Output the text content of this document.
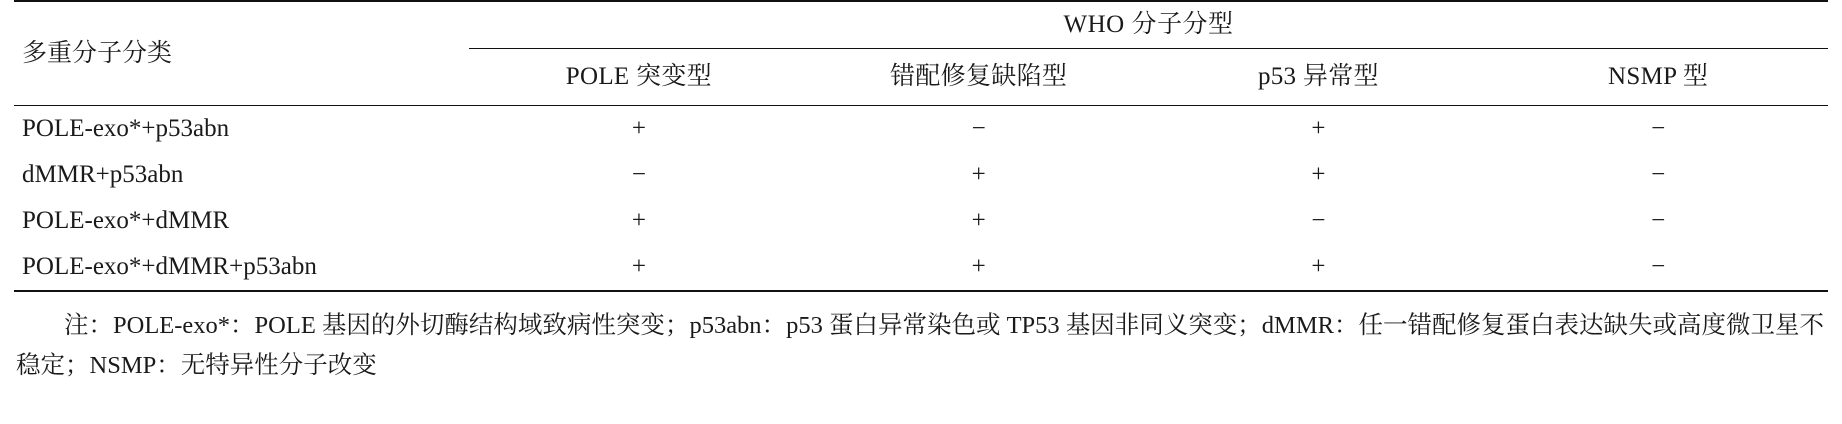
多重分子分类	WHO 分子分型			
	POLE 突变型	错配修复缺陷型	p53 异常型	NSMP 型

POLE-exo*+p53abn	+	−	+	−
dMMR+p53abn	−	+	+	−
POLE-exo*+dMMR	+	+	−	−
POLE-exo*+dMMR+p53abn	+	+	+	−
注：POLE-exo*：POLE 基因的外切酶结构域致病性突变；p53abn：p53 蛋白异常染色或 TP53 基因非同义突变；dMMR：任一错配修复蛋白表达缺失或高度微卫星不稳定；NSMP：无特异性分子改变
